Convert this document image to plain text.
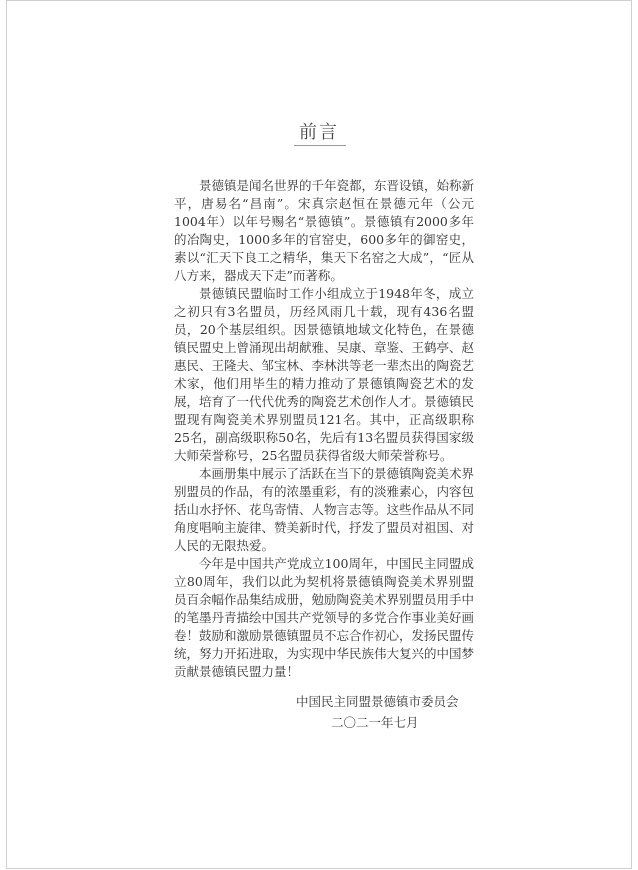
前言

景德镇是闻名世界的千年瓷都，东晋设镇，始称新平，唐易名“昌南”。宋真宗赵恒在景德元年（公元1004年）以年号赐名“景德镇”。景德镇有2000多年的冶陶史，1000多年的官窑史，600多年的御窑史，素以“汇天下良工之精华，集天下名窑之大成”，“匠从八方来，器成天下走”而著称。

景德镇民盟临时工作小组成立于1948年冬，成立之初只有3名盟员，历经风雨几十载，现有436名盟员，20个基层组织。因景德镇地域文化特色，在景德镇民盟史上曾涌现出胡献雅、吴康、章鉴、王鹤亭、赵惠民、王隆夫、邹宝林、李林洪等老一辈杰出的陶瓷艺术家，他们用毕生的精力推动了景德镇陶瓷艺术的发展，培育了一代代优秀的陶瓷艺术创作人才。景德镇民盟现有陶瓷美术界别盟员121名。其中，正高级职称25名，副高级职称50名，先后有13名盟员获得国家级大师荣誉称号，25名盟员获得省级大师荣誉称号。

本画册集中展示了活跃在当下的景德镇陶瓷美术界别盟员的作品，有的浓墨重彩，有的淡雅素心，内容包括山水抒怀、花鸟寄情、人物言志等。这些作品从不同角度唱响主旋律、赞美新时代，抒发了盟员对祖国、对人民的无限热爱。

今年是中国共产党成立100周年，中国民主同盟成立80周年，我们以此为契机将景德镇陶瓷美术界别盟员百余幅作品集结成册，勉励陶瓷美术界别盟员用手中的笔墨丹青描绘中国共产党领导的多党合作事业美好画卷！鼓励和激励景德镇盟员不忘合作初心，发扬民盟传统，努力开拓进取，为实现中华民族伟大复兴的中国梦贡献景德镇民盟力量！

中国民主同盟景德镇市委员会
二〇二一年七月
